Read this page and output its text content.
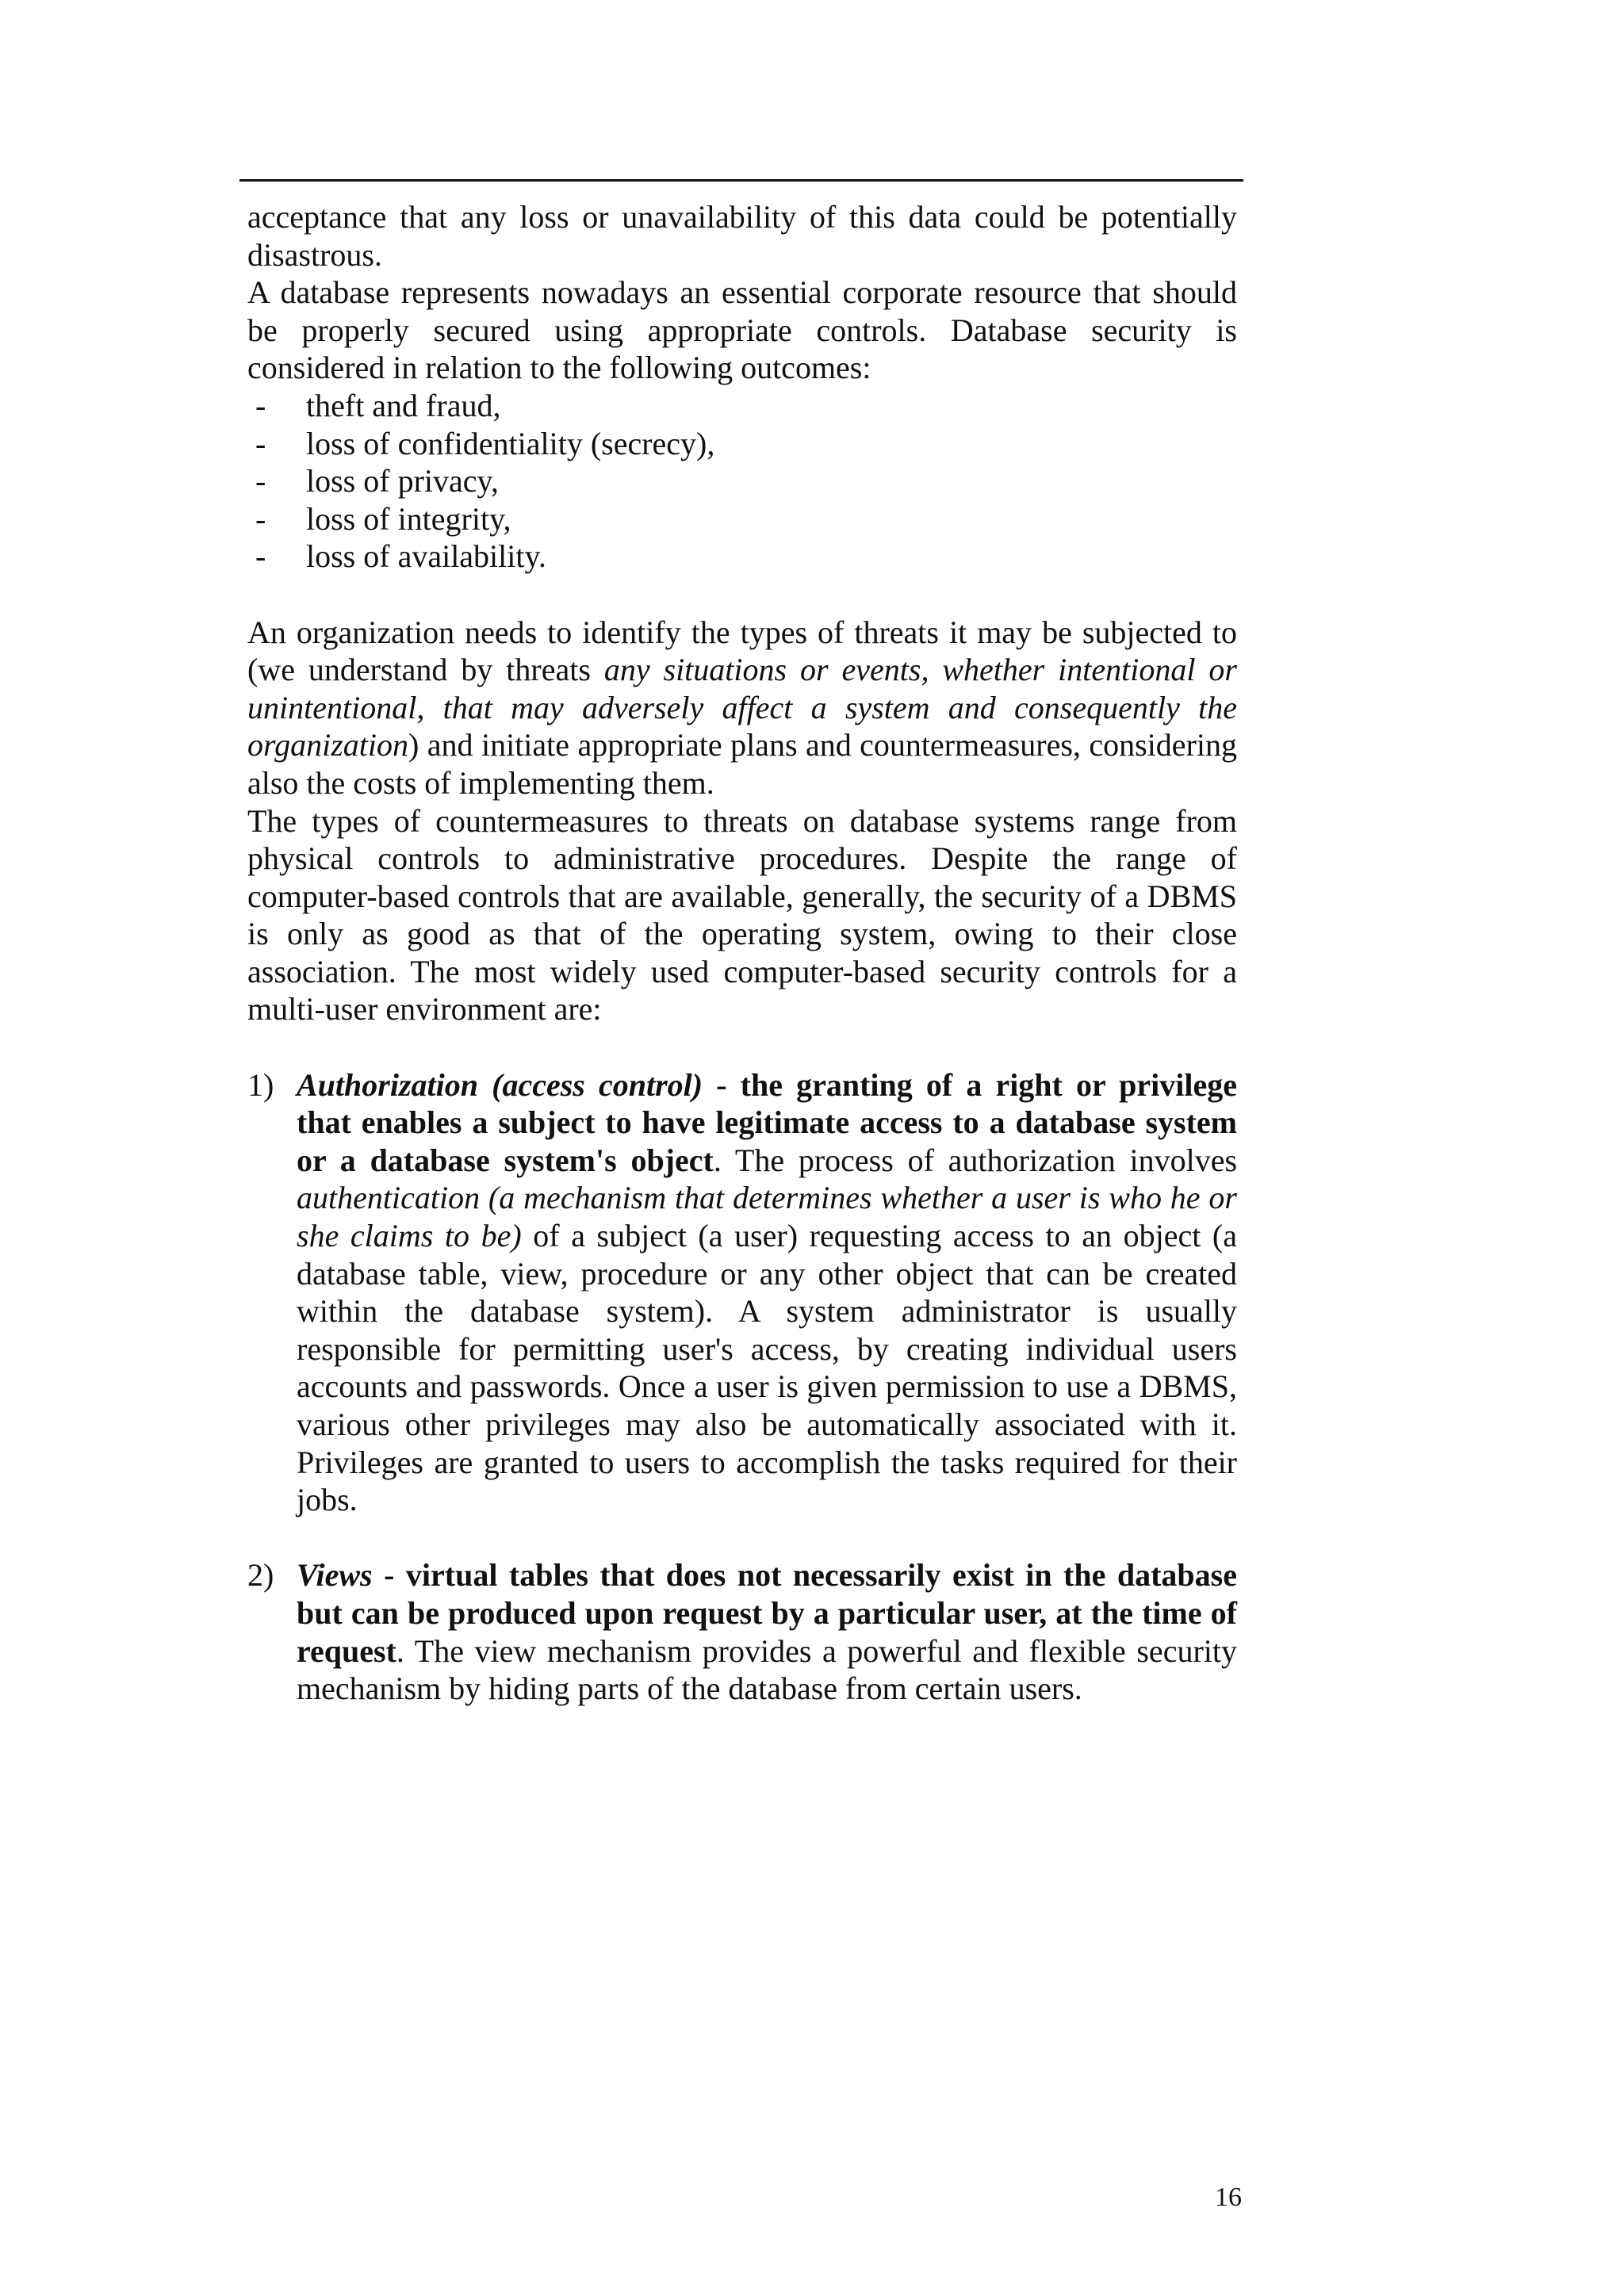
acceptance that any loss or unavailability of this data could be potentially disastrous.

A database represents nowadays an essential corporate resource that should be properly secured using appropriate controls. Database security is considered in relation to the following outcomes:

- theft and fraud,
- loss of confidentiality (secrecy),
- loss of privacy,
- loss of integrity,
- loss of availability.

An organization needs to identify the types of threats it may be subjected to (we understand by threats any situations or events, whether intentional or unintentional, that may adversely affect a system and consequently the organization) and initiate appropriate plans and countermeasures, considering also the costs of implementing them.

The types of countermeasures to threats on database systems range from physical controls to administrative procedures. Despite the range of computer-based controls that are available, generally, the security of a DBMS is only as good as that of the operating system, owing to their close association. The most widely used computer-based security controls for a multi-user environment are:

1) Authorization (access control) - the granting of a right or privilege that enables a subject to have legitimate access to a database system or a database system's object. The process of authorization involves authentication (a mechanism that determines whether a user is who he or she claims to be) of a subject (a user) requesting access to an object (a database table, view, procedure or any other object that can be created within the database system). A system administrator is usually responsible for permitting user's access, by creating individual users accounts and passwords. Once a user is given permission to use a DBMS, various other privileges may also be automatically associated with it. Privileges are granted to users to accomplish the tasks required for their jobs.
2) Views - virtual tables that does not necessarily exist in the database but can be produced upon request by a particular user, at the time of request. The view mechanism provides a powerful and flexible security mechanism by hiding parts of the database from certain users.
16
